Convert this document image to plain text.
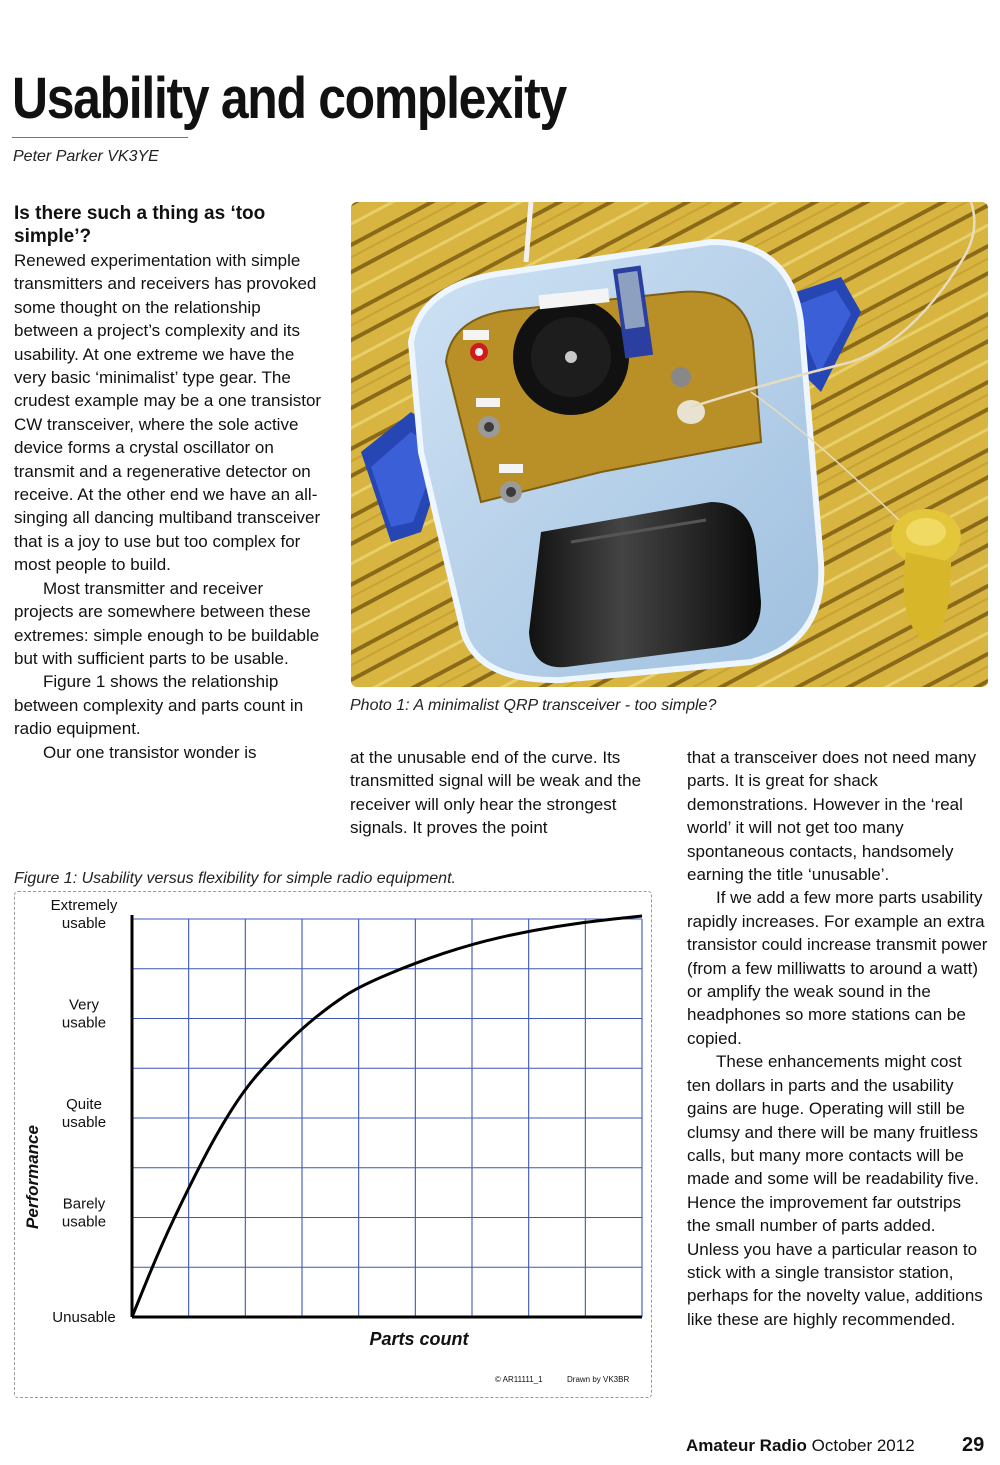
Usability and complexity
Peter Parker VK3YE
Is there such a thing as ‘too simple’?

Renewed experimentation with simple transmitters and receivers has provoked some thought on the relationship between a project’s complexity and its usability. At one extreme we have the very basic ‘minimalist’ type gear. The crudest example may be a one transistor CW transceiver, where the sole active device forms a crystal oscillator on transmit and a regenerative detector on receive. At the other end we have an all-singing all dancing multiband transceiver that is a joy to use but too complex for most people to build.

Most transmitter and receiver projects are somewhere between these extremes: simple enough to be buildable but with sufficient parts to be usable.

Figure 1 shows the relationship between complexity and parts count in radio equipment.

Our one transistor wonder is

Photo 1: A minimalist QRP transceiver - too simple?

at the unusable end of the curve. Its transmitted signal will be weak and the receiver will only hear the strongest signals. It proves the point

that a transceiver does not need many parts. It is great for shack demonstrations. However in the ‘real world’ it will not get too many spontaneous contacts, handsomely earning the title ‘unusable’.

If we add a few more parts usability rapidly increases. For example an extra transistor could increase transmit power (from a few milliwatts to around a watt) or amplify the weak sound in the headphones so more stations can be copied.

These enhancements might cost ten dollars in parts and the usability gains are huge. Operating will still be clumsy and there will be many fruitless calls, but many more contacts will be made and some will be readability five. Hence the improvement far outstrips the small number of parts added. Unless you have a particular reason to stick with a single transistor station, perhaps for the novelty value, additions like these are highly recommended.

Figure 1: Usability versus flexibility for simple radio equipment.
Performance
Parts count
© AR11111_1	Drawn by VK3BR
Unusable
Barely usable
Quite usable
Very usable
Extremely usable
Amateur Radio October 2012 29
